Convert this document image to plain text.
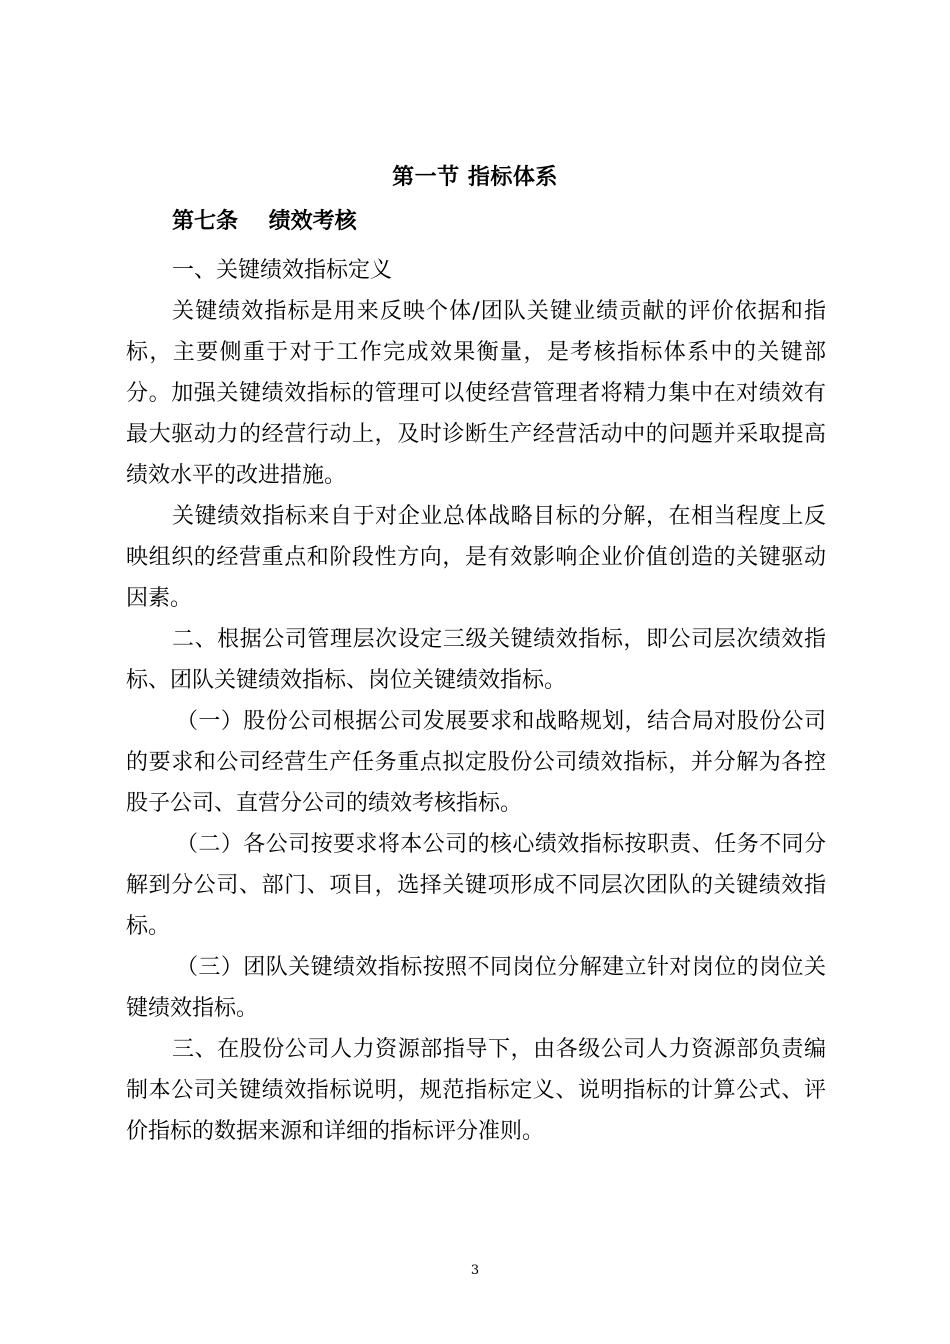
第一节 指标体系
第七条    绩效考核

一、关键绩效指标定义

关键绩效指标是用来反映个体/团队关键业绩贡献的评价依据和指标，主要侧重于对于工作完成效果衡量，是考核指标体系中的关键部分。加强关键绩效指标的管理可以使经营管理者将精力集中在对绩效有最大驱动力的经营行动上，及时诊断生产经营活动中的问题并采取提高绩效水平的改进措施。

关键绩效指标来自于对企业总体战略目标的分解，在相当程度上反映组织的经营重点和阶段性方向，是有效影响企业价值创造的关键驱动因素。

二、根据公司管理层次设定三级关键绩效指标，即公司层次绩效指标、团队关键绩效指标、岗位关键绩效指标。

（一）股份公司根据公司发展要求和战略规划，结合局对股份公司的要求和公司经营生产任务重点拟定股份公司绩效指标，并分解为各控股子公司、直营分公司的绩效考核指标。

（二）各公司按要求将本公司的核心绩效指标按职责、任务不同分解到分公司、部门、项目，选择关键项形成不同层次团队的关键绩效指标。

（三）团队关键绩效指标按照不同岗位分解建立针对岗位的岗位关键绩效指标。

三、在股份公司人力资源部指导下，由各级公司人力资源部负责编制本公司关键绩效指标说明，规范指标定义、说明指标的计算公式、评价指标的数据来源和详细的指标评分准则。

3
